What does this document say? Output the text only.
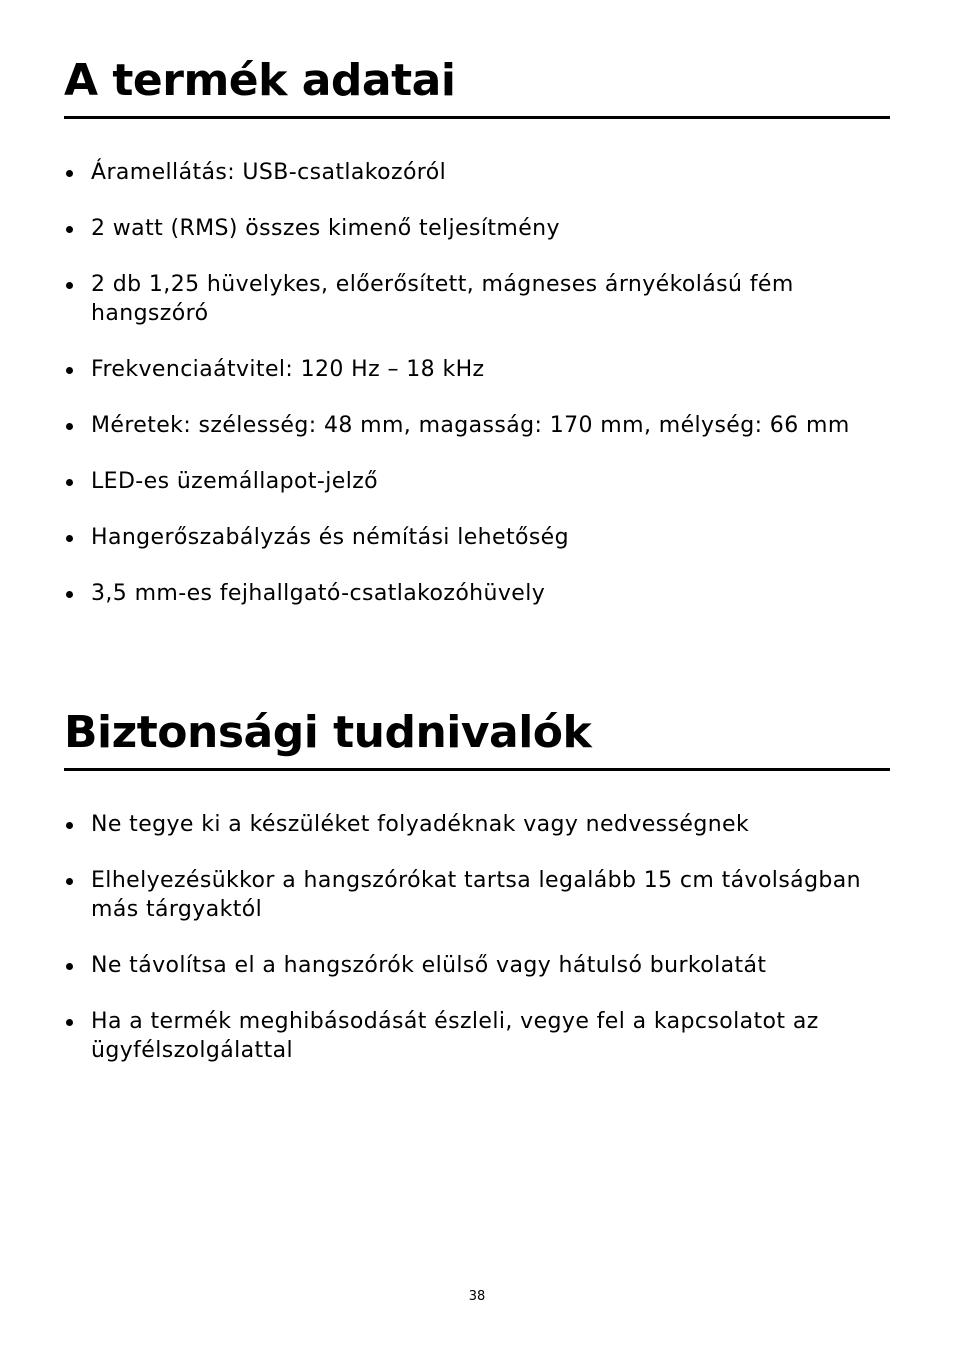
A termék adatai
Áramellátás: USB-csatlakozóról
2 watt (RMS) összes kimenő teljesítmény
2 db 1,25 hüvelykes, előerősített, mágneses árnyékolású fém hangszóró
Frekvenciaátvitel: 120 Hz – 18 kHz
Méretek: szélesség: 48 mm, magasság: 170 mm, mélység: 66 mm
LED-es üzemállapot-jelző
Hangerőszabályzás és némítási lehetőség
3,5 mm-es fejhallgató-csatlakozóhüvely
Biztonsági tudnivalók
Ne tegye ki a készüléket folyadéknak vagy nedvességnek
Elhelyezésükkor a hangszórókat tartsa legalább 15 cm távolságban más tárgyaktól
Ne távolítsa el a hangszórók elülső vagy hátulsó burkolatát
Ha a termék meghibásodását észleli, vegye fel a kapcsolatot az ügyfélszolgálattal
38
